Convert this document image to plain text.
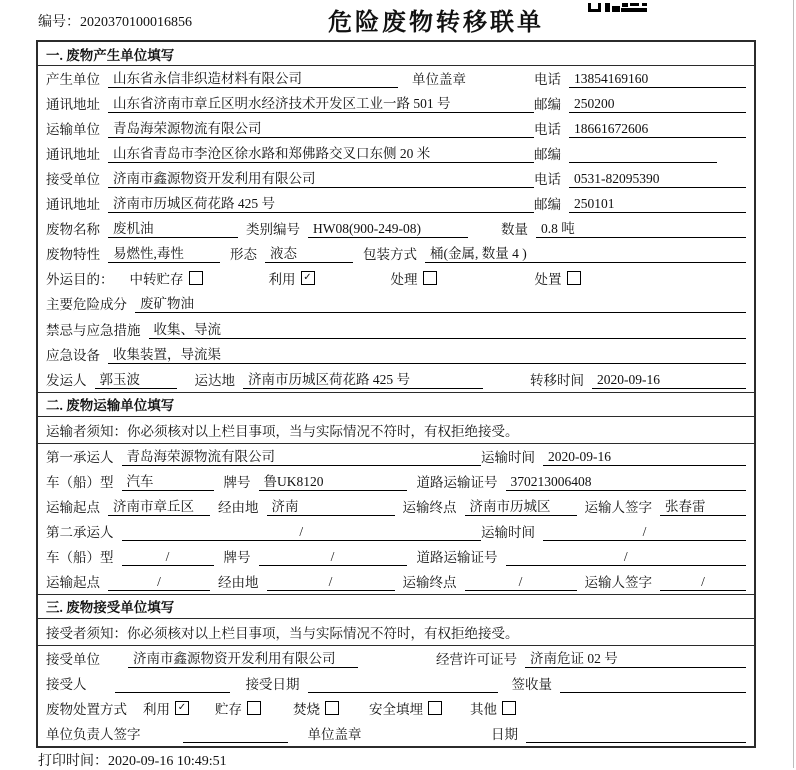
编号：2020370100016856	危险废物转移联单
一. 废物产生单位填写
产生单位 山东省永信非织造材料有限公司	单位盖章	电话 13854169160
通讯地址 山东省济南市章丘区明水经济技术开发区工业一路 501 号	邮编 250200
运输单位 青岛海荣源物流有限公司	电话 18661672606
通讯地址 山东省青岛市李沧区徐水路和郑佛路交叉口东侧 20 米	邮编
接受单位 济南市鑫源物资开发利用有限公司	电话 0531-82095390
通讯地址 济南市历城区荷花路 425 号	邮编 250101
废物名称 废机油	类别编号 HW08(900-249-08)	数量 0.8 吨
废物特性 易燃性,毒性	形态 液态	包装方式 桶(金属, 数量 4 )
外运目的： 中转贮存	利用 ✓	处理	处置
主要危险成分 废矿物油
禁忌与应急措施 收集、导流
应急设备 收集装置，导流渠
发运人 郭玉波	运达地 济南市历城区荷花路 425 号	转移时间 2020-09-16
二. 废物运输单位填写
运输者须知：你必须核对以上栏目事项，当与实际情况不符时，有权拒绝接受。
第一承运人 青岛海荣源物流有限公司	运输时间 2020-09-16
车（船）型 汽车	牌号 鲁UK8120	道路运输证号 370213006408
运输起点 济南市章丘区	经由地 济南	运输终点 济南市历城区	运输人签字 张春雷
第二承运人	/	运输时间	/
车（船）型	/	牌号	/	道路运输证号	/
运输起点	/	经由地	/	运输终点	/	运输人签字	/
三. 废物接受单位填写
接受者须知：你必须核对以上栏目事项，当与实际情况不符时，有权拒绝接受。
接受单位	济南市鑫源物资开发利用有限公司	经营许可证号 济南危证 02 号
接受人	接受日期	签收量
废物处置方式 利用 ✓ 贮存	焚烧	安全填埋	其他
单位负责人签字	单位盖章	日期
打印时间：2020-09-16 10:49:51
